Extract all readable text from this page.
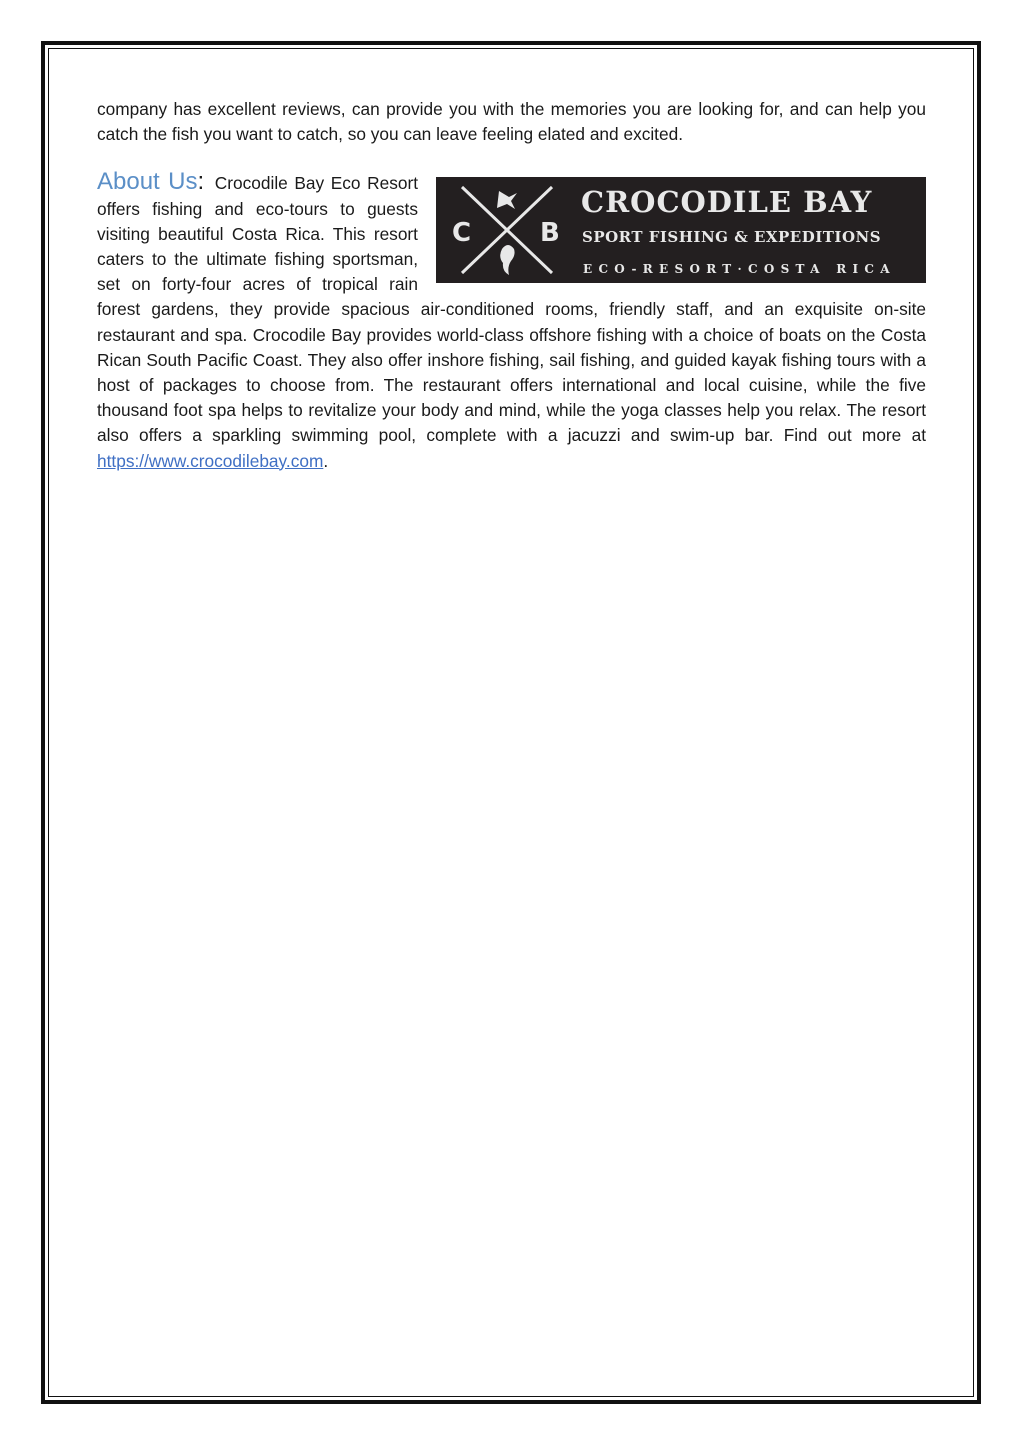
company has excellent reviews, can provide you with the memories you are looking for, and can help you catch the fish you want to catch, so you can leave feeling elated and excited.

C	B
CROCODILE BAY
SPORT FISHING & EXPEDITIONS
ECO-RESORT·COSTA RICA

About Us: Crocodile Bay Eco Resort offers fishing and eco-tours to guests visiting beautiful Costa Rica. This resort caters to the ultimate fishing sportsman, set on forty-four acres of tropical rain forest gardens, they provide spacious air-conditioned rooms, friendly staff, and an exquisite on-site restaurant and spa. Crocodile Bay provides world-class offshore fishing with a choice of boats on the Costa Rican South Pacific Coast. They also offer inshore fishing, sail fishing, and guided kayak fishing tours with a host of packages to choose from. The restaurant offers international and local cuisine, while the five thousand foot spa helps to revitalize your body and mind, while the yoga classes help you relax. The resort also offers a sparkling swimming pool, complete with a jacuzzi and swim-up bar. Find out more at https://www.crocodilebay.com.
